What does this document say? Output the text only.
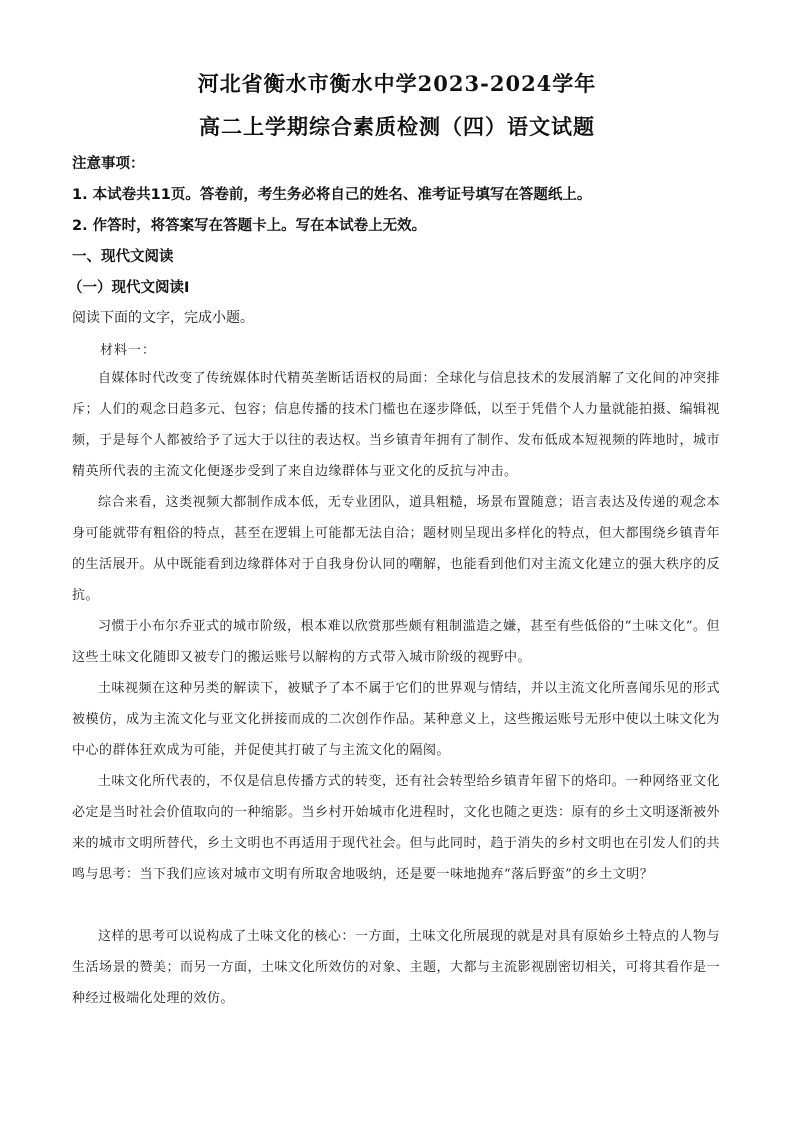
河北省衡水市衡水中学2023-2024学年
高二上学期综合素质检测（四）语文试题
注意事项：
1. 本试卷共11页。答卷前，考生务必将自己的姓名、准考证号填写在答题纸上。
2. 作答时，将答案写在答题卡上。写在本试卷上无效。
一、现代文阅读
（一）现代文阅读Ⅰ
阅读下面的文字，完成小题。
材料一：
自媒体时代改变了传统媒体时代精英垄断话语权的局面：全球化与信息技术的发展消解了文化间的冲突排斥；人们的观念日趋多元、包容；信息传播的技术门槛也在逐步降低，以至于凭借个人力量就能拍摄、编辑视频，于是每个人都被给予了远大于以往的表达权。当乡镇青年拥有了制作、发布低成本短视频的阵地时，城市精英所代表的主流文化便逐步受到了来自边缘群体与亚文化的反抗与冲击。
综合来看，这类视频大都制作成本低，无专业团队，道具粗糙，场景布置随意；语言表达及传递的观念本身可能就带有粗俗的特点，甚至在逻辑上可能都无法自洽；题材则呈现出多样化的特点，但大都围绕乡镇青年的生活展开。从中既能看到边缘群体对于自我身份认同的嘲解，也能看到他们对主流文化建立的强大秩序的反抗。
习惯于小布尔乔亚式的城市阶级，根本难以欣赏那些颇有粗制滥造之嫌，甚至有些低俗的“土味文化”。但这些土味文化随即又被专门的搬运账号以解构的方式带入城市阶级的视野中。
土味视频在这种另类的解读下，被赋予了本不属于它们的世界观与情结，并以主流文化所喜闻乐见的形式被模仿，成为主流文化与亚文化拼接而成的二次创作作品。某种意义上，这些搬运账号无形中使以土味文化为中心的群体狂欢成为可能，并促使其打破了与主流文化的隔阂。
土味文化所代表的，不仅是信息传播方式的转变，还有社会转型给乡镇青年留下的烙印。一种网络亚文化必定是当时社会价值取向的一种缩影。当乡村开始城市化进程时，文化也随之更迭：原有的乡土文明逐渐被外来的城市文明所替代，乡土文明也不再适用于现代社会。但与此同时，趋于消失的乡村文明也在引发人们的共鸣与思考：当下我们应该对城市文明有所取舍地吸纳，还是要一味地抛弃“落后野蛮”的乡土文明？
这样的思考可以说构成了土味文化的核心：一方面，土味文化所展现的就是对具有原始乡土特点的人物与生活场景的赞美；而另一方面，土味文化所效仿的对象、主题，大都与主流影视剧密切相关，可将其看作是一种经过极端化处理的效仿。
